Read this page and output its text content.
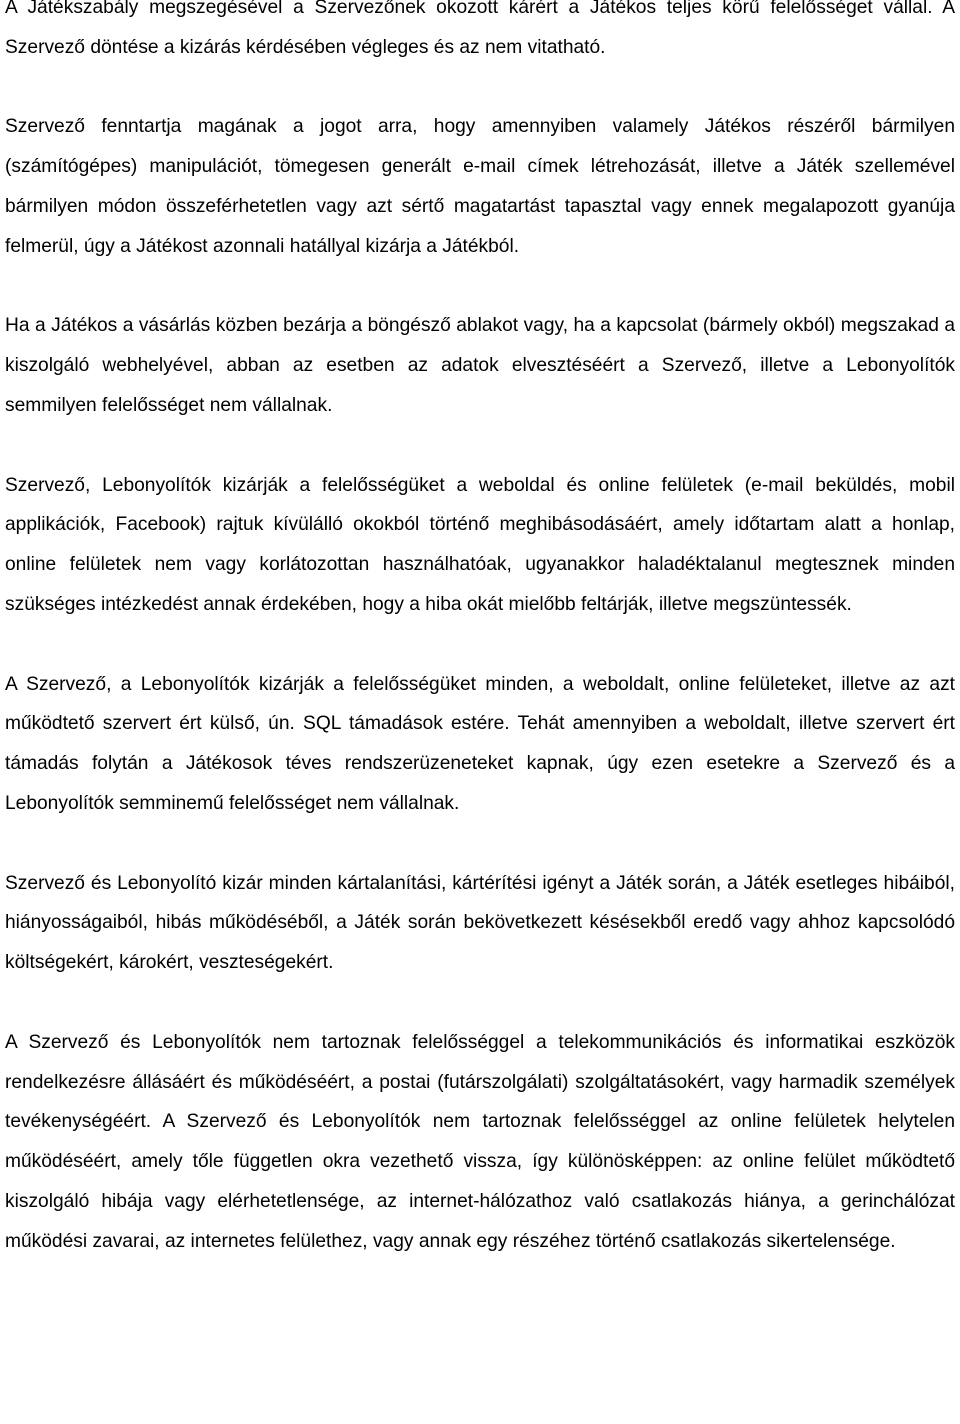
A Játékszabály megszegésével a Szervezőnek okozott kárért a Játékos teljes körű felelősséget vállal. A Szervező döntése a kizárás kérdésében végleges és az nem vitatható.

Szervező fenntartja magának a jogot arra, hogy amennyiben valamely Játékos részéről bármilyen (számítógépes) manipulációt, tömegesen generált e-mail címek létrehozását, illetve a Játék szellemével bármilyen módon összeférhetetlen vagy azt sértő magatartást tapasztal vagy ennek megalapozott gyanúja felmerül, úgy a Játékost azonnali hatállyal kizárja a Játékból.

Ha a Játékos a vásárlás közben bezárja a böngésző ablakot vagy, ha a kapcsolat (bármely okból) megszakad a kiszolgáló webhelyével, abban az esetben az adatok elvesztéséért a Szervező, illetve a Lebonyolítók semmilyen felelősséget nem vállalnak.

Szervező, Lebonyolítók kizárják a felelősségüket a weboldal és online felületek (e-mail beküldés, mobil applikációk, Facebook) rajtuk kívülálló okokból történő meghibásodásáért, amely időtartam alatt a honlap, online felületek nem vagy korlátozottan használhatóak, ugyanakkor haladéktalanul megtesznek minden szükséges intézkedést annak érdekében, hogy a hiba okát mielőbb feltárják, illetve megszüntessék.

A Szervező, a Lebonyolítók kizárják a felelősségüket minden, a weboldalt, online felületeket, illetve az azt működtető szervert ért külső, ún. SQL támadások estére. Tehát amennyiben a weboldalt, illetve szervert ért támadás folytán a Játékosok téves rendszerüzeneteket kapnak, úgy ezen esetekre a Szervező és a Lebonyolítók semminemű felelősséget nem vállalnak.

Szervező és Lebonyolító kizár minden kártalanítási, kártérítési igényt a Játék során, a Játék esetleges hibáiból, hiányosságaiból, hibás működéséből, a Játék során bekövetkezett késésekből eredő vagy ahhoz kapcsolódó költségekért, károkért, veszteségekért.

A Szervező és Lebonyolítók nem tartoznak felelősséggel a telekommunikációs és informatikai eszközök rendelkezésre állásáért és működéséért, a postai (futárszolgálati) szolgáltatásokért, vagy harmadik személyek tevékenységéért. A Szervező és Lebonyolítók nem tartoznak felelősséggel az online felületek helytelen működéséért, amely tőle független okra vezethető vissza, így különösképpen: az online felület működtető kiszolgáló hibája vagy elérhetetlensége, az internet-hálózathoz való csatlakozás hiánya, a gerinchálózat működési zavarai, az internetes felülethez, vagy annak egy részéhez történő csatlakozás sikertelensége.
